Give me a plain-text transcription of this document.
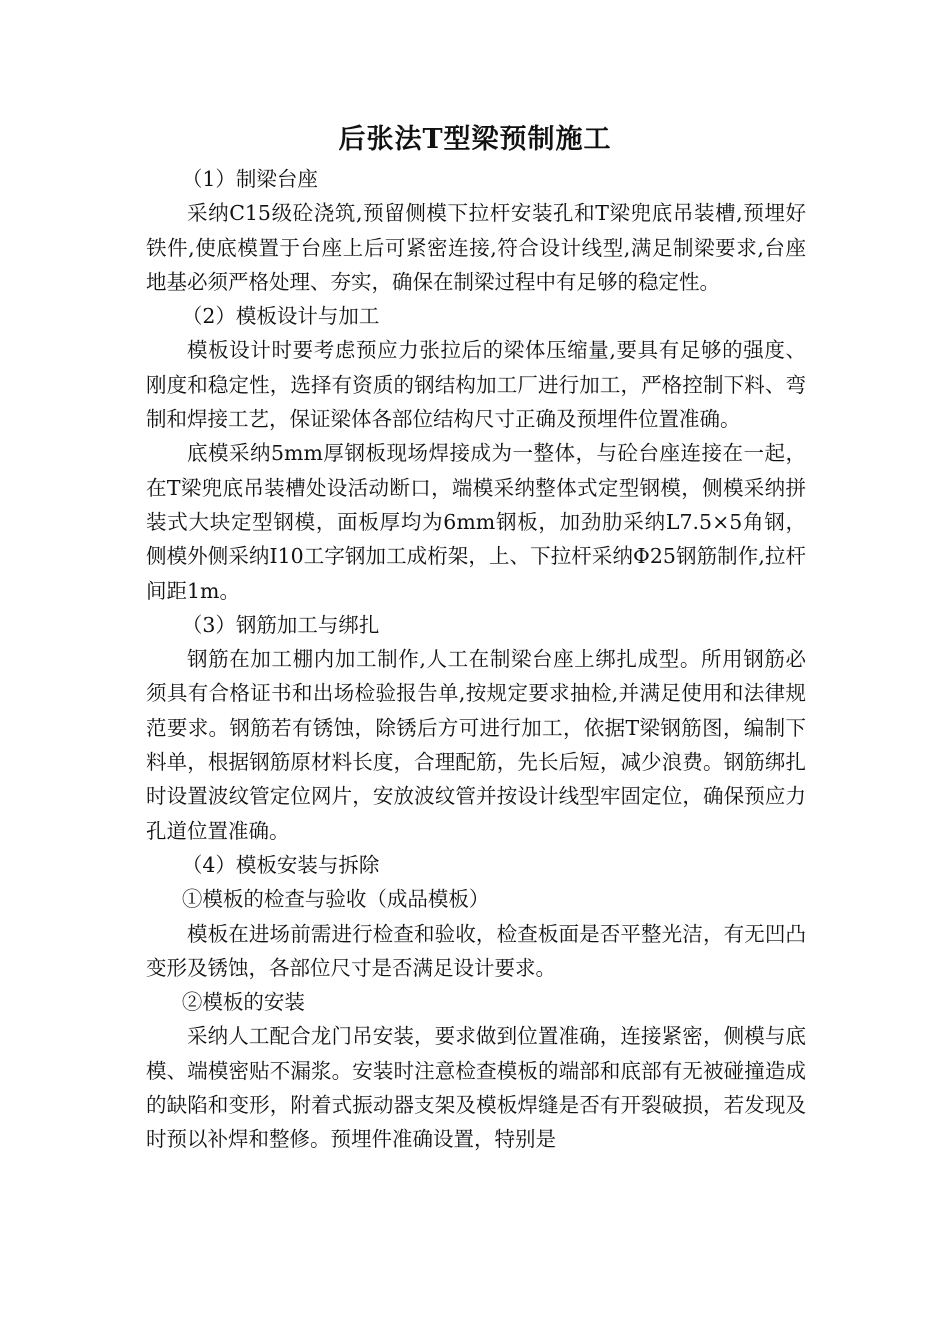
后张法T型梁预制施工

（1）制梁台座

采纳C15级砼浇筑,预留侧模下拉杆安装孔和T梁兜底吊装槽,预埋好铁件,使底模置于台座上后可紧密连接,符合设计线型,满足制梁要求,台座地基必须严格处理、夯实，确保在制梁过程中有足够的稳定性。

（2）模板设计与加工

模板设计时要考虑预应力张拉后的梁体压缩量,要具有足够的强度、刚度和稳定性，选择有资质的钢结构加工厂进行加工，严格控制下料、弯制和焊接工艺，保证梁体各部位结构尺寸正确及预埋件位置准确。

底模采纳5mm厚钢板现场焊接成为一整体，与砼台座连接在一起，在T梁兜底吊装槽处设活动断口，端模采纳整体式定型钢模，侧模采纳拼装式大块定型钢模，面板厚均为6mm钢板，加劲肋采纳L7.5×5角钢，侧模外侧采纳I10工字钢加工成桁架，上、下拉杆采纳Φ25钢筋制作,拉杆间距1m。

（3）钢筋加工与绑扎

钢筋在加工棚内加工制作,人工在制梁台座上绑扎成型。所用钢筋必须具有合格证书和出场检验报告单,按规定要求抽检,并满足使用和法律规范要求。钢筋若有锈蚀，除锈后方可进行加工，依据T梁钢筋图，编制下料单，根据钢筋原材料长度，合理配筋，先长后短，减少浪费。钢筋绑扎时设置波纹管定位网片，安放波纹管并按设计线型牢固定位，确保预应力孔道位置准确。

（4）模板安装与拆除

①模板的检查与验收（成品模板）

模板在进场前需进行检查和验收，检查板面是否平整光洁，有无凹凸变形及锈蚀，各部位尺寸是否满足设计要求。

②模板的安装

采纳人工配合龙门吊安装，要求做到位置准确，连接紧密，侧模与底模、端模密贴不漏浆。安装时注意检查模板的端部和底部有无被碰撞造成的缺陷和变形，附着式振动器支架及模板焊缝是否有开裂破损，若发现及时预以补焊和整修。预埋件准确设置，特别是
